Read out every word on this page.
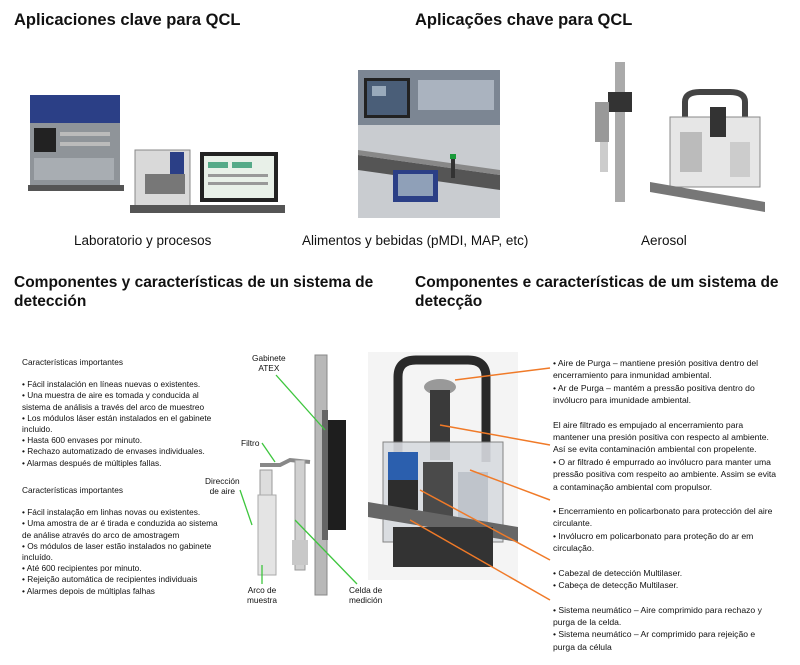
Aplicaciones clave para QCL	Aplicações chave para QCL
Laboratorio y procesos	Alimentos y bebidas (pMDI, MAP, etc)	Aerosol
Componentes y características de un sistema de
detección
Componentes e características de um sistema de
detecção
Características importantes
• Fácil instalación en líneas nuevas o existentes.
• Una muestra de aire es tomada y conducida al
sistema de análisis a través del arco de muestreo
• Los módulos láser están instalados en el gabinete
incluido.
• Hasta 600 envases por minuto.
• Rechazo automatizado de envases individuales.
• Alarmas después de múltiples fallas.
Características importantes
• Fácil instalação em linhas novas ou existentes.
• Uma amostra de ar é tirada e conduzida ao sistema
de análise através do arco de amostragem
• Os módulos de laser estão instalados no gabinete
incluído.
• Até 600 recipientes por minuto.
• Rejeição automática de recipientes individuais
• Alarmes depois de múltiplas falhas
Gabinete
ATEX
Filtro
Dirección
de aire
Arco de
muestra
Celda de
medición
• Aire de Purga – mantiene presión positiva dentro del
encerramiento para inmunidad ambiental.
• Ar de Purga – mantém a pressão positiva dentro do
invólucro para imunidade ambiental.
El aire filtrado es empujado al encerramiento para
mantener una presión positiva con respecto al ambiente.
Así se evita contaminación ambiental con propelente.
• O ar filtrado é empurrado ao invólucro para manter uma
pressão positiva com respeito ao ambiente. Assim se evita
a contaminação ambiental com propulsor.
• Encerramiento en policarbonato para protección del aire
circulante.
• Invólucro em policarbonato para proteção do ar em
circulação.
• Cabezal de detección Multilaser.
• Cabeça de detecção Multilaser.
• Sistema neumático – Aire comprimido para rechazo y
purga de la celda.
• Sistema neumático – Ar comprimido para rejeição e
purga da célula
